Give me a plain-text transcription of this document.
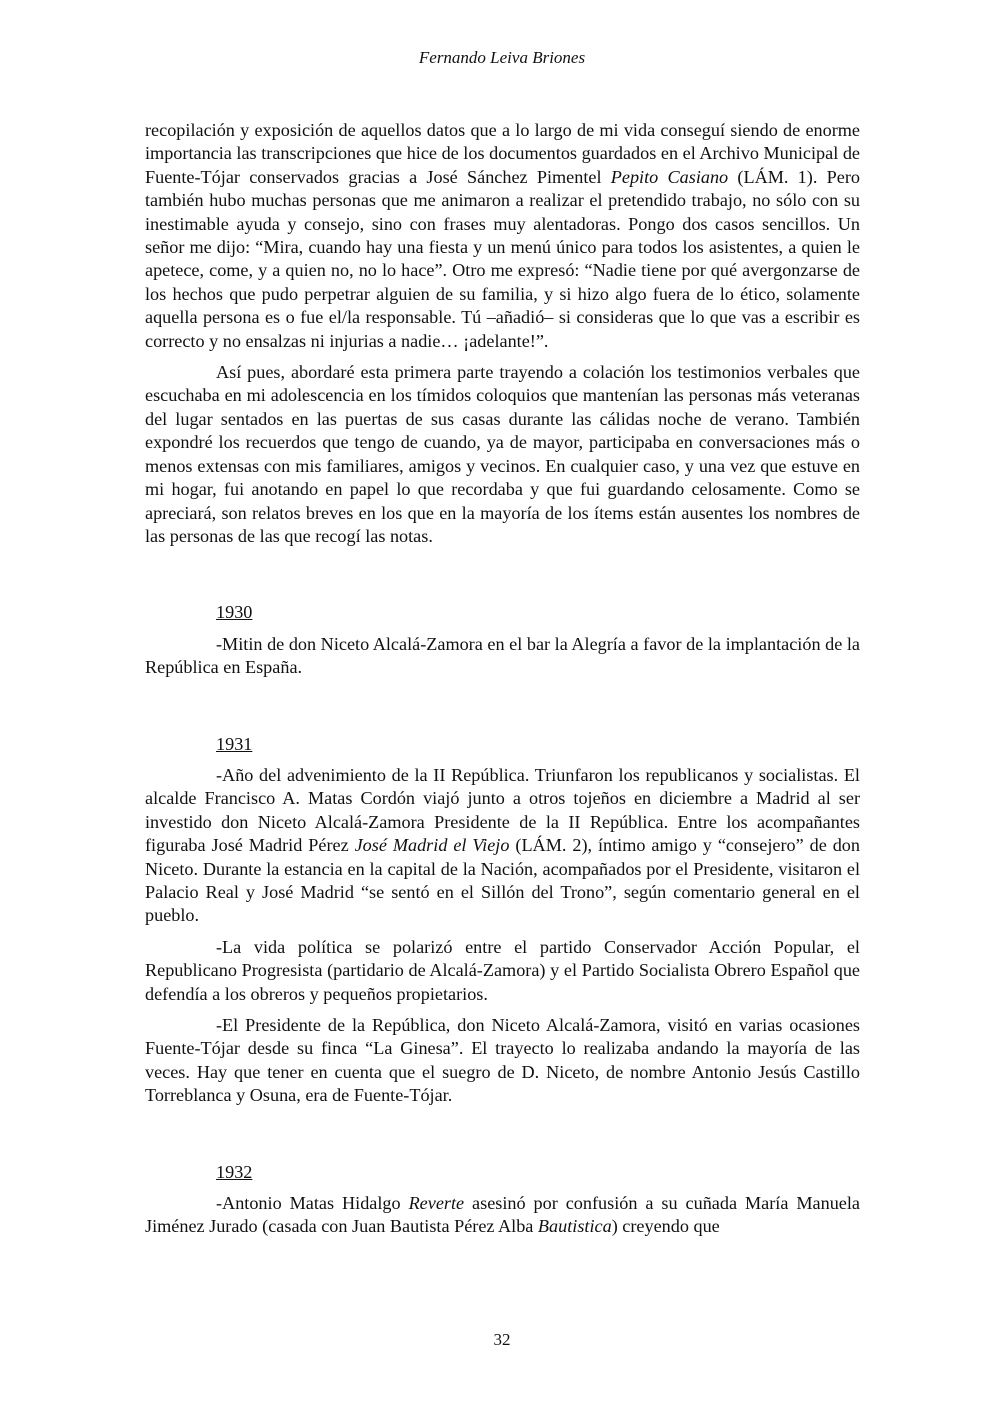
Fernando Leiva Briones

recopilación y exposición de aquellos datos que a lo largo de mi vida conseguí siendo de enorme importancia las transcripciones que hice de los documentos guardados en el Archivo Municipal de Fuente-Tójar conservados gracias a José Sánchez Pimentel Pepito Casiano (LÁM. 1). Pero también hubo muchas personas que me animaron a realizar el pretendido trabajo, no sólo con su inestimable ayuda y consejo, sino con frases muy alentadoras. Pongo dos casos sencillos. Un señor me dijo: “Mira, cuando hay una fiesta y un menú único para todos los asistentes, a quien le apetece, come, y a quien no, no lo hace”. Otro me expresó: “Nadie tiene por qué avergonzarse de los hechos que pudo perpetrar alguien de su familia, y si hizo algo fuera de lo ético, solamente aquella persona es o fue el/la responsable. Tú –añadió– si consideras que lo que vas a escribir es correcto y no ensalzas ni injurias a nadie… ¡adelante!”.

Así pues, abordaré esta primera parte trayendo a colación los testimonios verbales que escuchaba en mi adolescencia en los tímidos coloquios que mantenían las personas más veteranas del lugar sentados en las puertas de sus casas durante las cálidas noche de verano. También expondré los recuerdos que tengo de cuando, ya de mayor, participaba en conversaciones más o menos extensas con mis familiares, amigos y vecinos. En cualquier caso, y una vez que estuve en mi hogar, fui anotando en papel lo que recordaba y que fui guardando celosamente. Como se apreciará, son relatos breves en los que en la mayoría de los ítems están ausentes los nombres de las personas de las que recogí las notas.

1930

-Mitin de don Niceto Alcalá-Zamora en el bar la Alegría a favor de la implantación de la República en España.

1931

-Año del advenimiento de la II República. Triunfaron los republicanos y socialistas. El alcalde Francisco A. Matas Cordón viajó junto a otros tojeños en diciembre a Madrid al ser investido don Niceto Alcalá-Zamora Presidente de la II República. Entre los acompañantes figuraba José Madrid Pérez José Madrid el Viejo (LÁM. 2), íntimo amigo y “consejero” de don Niceto. Durante la estancia en la capital de la Nación, acompañados por el Presidente, visitaron el Palacio Real y José Madrid “se sentó en el Sillón del Trono”, según comentario general en el pueblo.

-La vida política se polarizó entre el partido Conservador Acción Popular, el Republicano Progresista (partidario de Alcalá-Zamora) y el Partido Socialista Obrero Español que defendía a los obreros y pequeños propietarios.

-El Presidente de la República, don Niceto Alcalá-Zamora, visitó en varias ocasiones Fuente-Tójar desde su finca “La Ginesa”. El trayecto lo realizaba andando la mayoría de las veces. Hay que tener en cuenta que el suegro de D. Niceto, de nombre Antonio Jesús Castillo Torreblanca y Osuna, era de Fuente-Tójar.

1932

-Antonio Matas Hidalgo Reverte asesinó por confusión a su cuñada María Manuela Jiménez Jurado (casada con Juan Bautista Pérez Alba Bautistica) creyendo que

32
